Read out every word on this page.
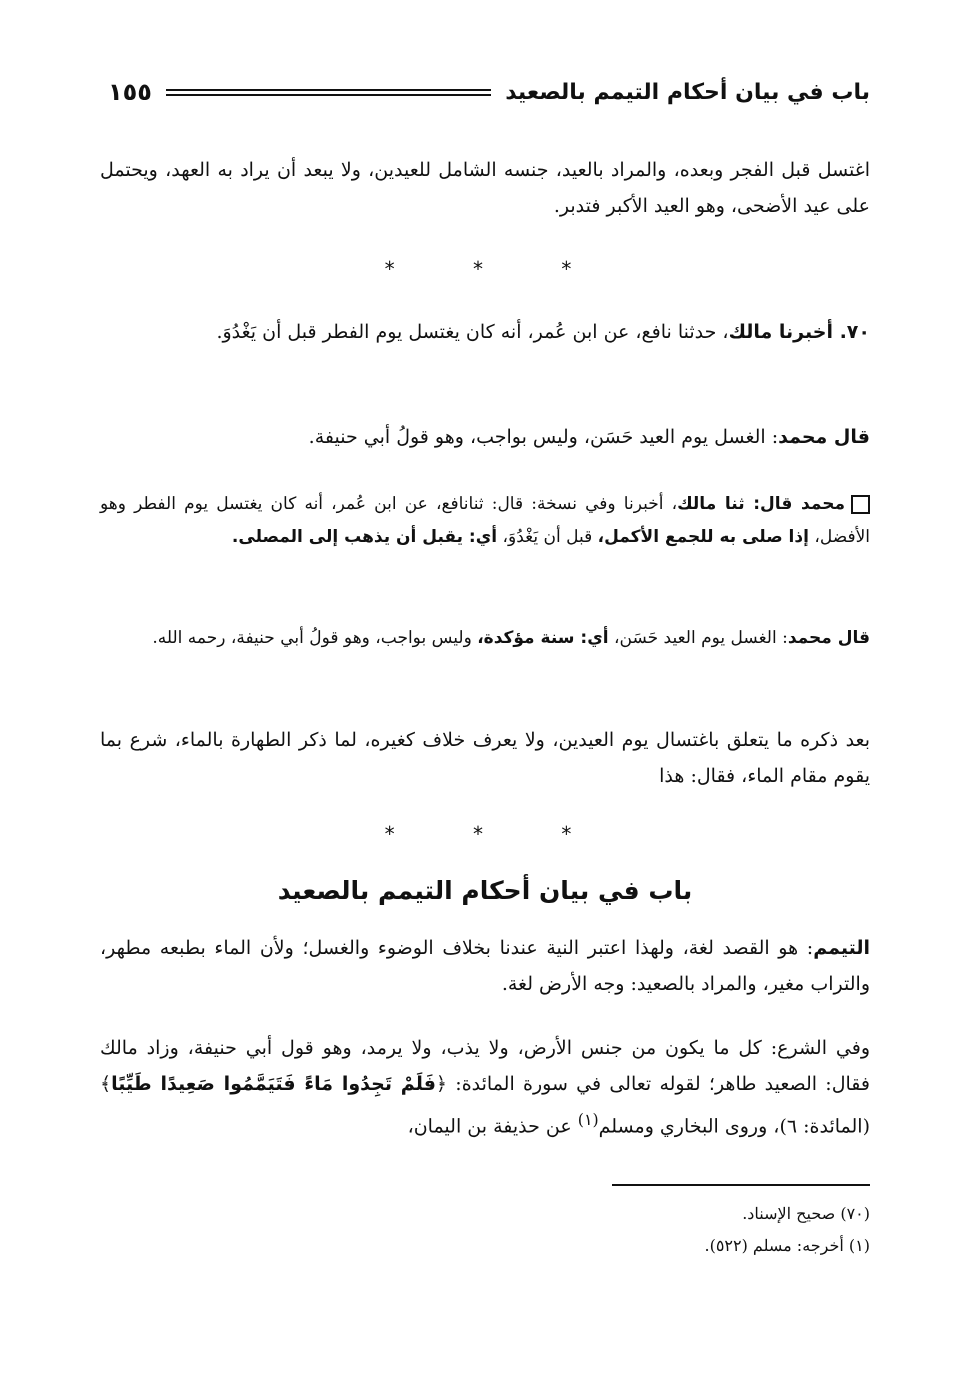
باب في بيان أحكام التيمم بالصعيد
١٥٥
اغتسل قبل الفجر وبعده، والمراد بالعيد، جنسه الشامل للعيدين، ولا يبعد أن يراد به العهد، ويحتمل على عيد الأضحى، وهو العيد الأكبر فتدبر.
*	*	*
٧٠. أخبرنا مالك، حدثنا نافع، عن ابن عُمر، أنه كان يغتسل يوم الفطر قبل أن يَغْدُوَ.
قال محمد: الغسل يوم العيد حَسَن، وليس بواجب، وهو قولُ أبي حنيفة.
محمد قال: ثنا مالك، أخبرنا وفي نسخة: قال: ثنانافع، عن ابن عُمر، أنه كان يغتسل يوم الفطر وهو الأفضل، إذا صلى به للجمع الأكمل، قبل أن يَغْدُوَ، أي: يقبل أن يذهب إلى المصلى.
قال محمد: الغسل يوم العيد حَسَن، أي: سنة مؤكدة، وليس بواجب، وهو قولُ أبي حنيفة، رحمه الله.
بعد ذكره ما يتعلق باغتسال يوم العيدين، ولا يعرف خلاف كغيره، لما ذكر الطهارة بالماء، شرع بما يقوم مقام الماء، فقال: هذا
*	*	*
باب في بيان أحكام التيمم بالصعيد
التيمم: هو القصد لغة، ولهذا اعتبر النية عندنا بخلاف الوضوء والغسل؛ ولأن الماء بطبعه مطهر، والتراب مغير، والمراد بالصعيد: وجه الأرض لغة.
وفي الشرع: كل ما يكون من جنس الأرض، ولا يذب، ولا يرمد، وهو قول أبي حنيفة، وزاد مالك فقال: الصعيد طاهر؛ لقوله تعالى في سورة المائدة: ﴿فَلَمْ تَجِدُوا مَاءً فَتَيَمَّمُوا صَعِيدًا طَيِّبًا﴾ (المائدة: ٦)، وروى البخاري ومسلم$^{(١)}$ عن حذيفة بن اليمان،
(٧٠) صحيح الإسناد.
(١) أخرجه: مسلم (٥٢٢).
